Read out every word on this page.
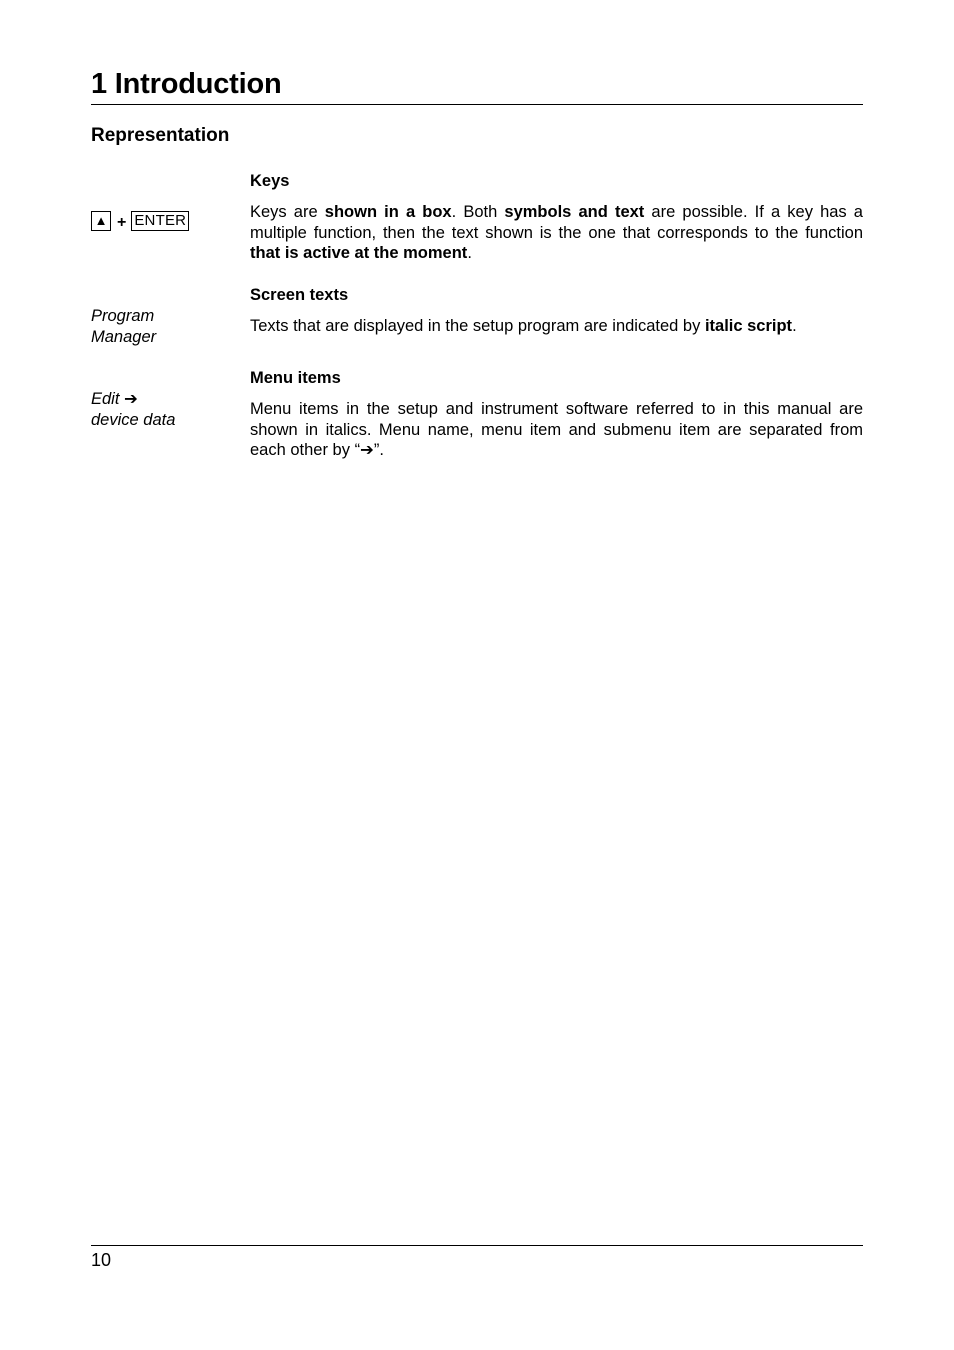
1 Introduction
Representation
Keys
▲ + ENTER	Keys are shown in a box. Both symbols and text are possible. If a key has a multiple function, then the text shown is the one that corresponds to the function that is active at the moment.

Screen texts

Program
Manager

Texts that are displayed in the setup program are indicated by italic script.

Menu items

Edit ➔
device data

Menu items in the setup and instrument software referred to in this manual are shown in italics. Menu name, menu item and submenu item are separated from each other by “➔”.

10
